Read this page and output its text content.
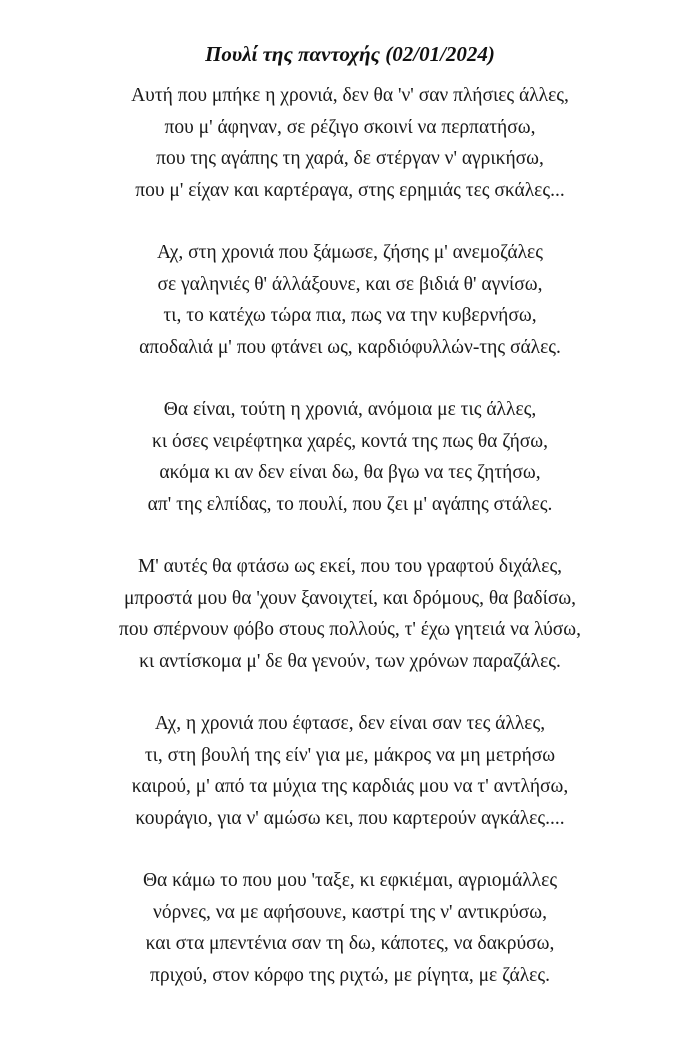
Πουλί της παντοχής (02/01/2024)
Αυτή που μπήκε η χρονιά, δεν θα 'ν' σαν πλήσιες άλλες,
που μ' άφηναν, σε ρέζιγο σκοινί να περπατήσω,
που της αγάπης τη χαρά, δε στέργαν ν' αγρικήσω,
που μ' είχαν και καρτέραγα, στης ερημιάς τες σκάλες...
Αχ, στη χρονιά που ξάμωσε, ζήσης μ' ανεμοζάλες
σε γαληνιές θ' άλλάξουνε, και σε βιδιά θ' αγνίσω,
τι, το κατέχω τώρα πια, πως να την κυβερνήσω,
αποδαλιά μ' που φτάνει ως, καρδιόφυλλών-της σάλες.
Θα είναι, τούτη η χρονιά, ανόμοια με τις άλλες,
κι όσες νειρέφτηκα χαρές, κοντά της πως θα ζήσω,
ακόμα κι αν δεν είναι δω, θα βγω να τες ζητήσω,
απ' της ελπίδας, το πουλί, που ζει μ' αγάπης στάλες.
Μ' αυτές θα φτάσω ως εκεί, που του γραφτού διχάλες,
μπροστά μου θα 'χουν ξανοιχτεί, και δρόμους, θα βαδίσω,
που σπέρνουν φόβο στους πολλούς, τ' έχω γητειά να λύσω,
κι αντίσκομα μ' δε θα γενούν, των χρόνων παραζάλες.
Αχ, η χρονιά που έφτασε, δεν είναι σαν τες άλλες,
τι, στη βουλή της είν' για με, μάκρος να μη μετρήσω
καιρού, μ' από τα μύχια της καρδιάς μου να τ' αντλήσω,
κουράγιο, για ν' αμώσω κει, που καρτερούν αγκάλες....
Θα κάμω το που μου 'ταξε, κι εφκιέμαι, αγριομάλλες
νόρνες, να με αφήσουνε, καστρί της ν' αντικρύσω,
και στα μπεντένια σαν τη δω, κάποτες, να δακρύσω,
πριχού, στον κόρφο της ριχτώ, με ρίγητα, με ζάλες.
